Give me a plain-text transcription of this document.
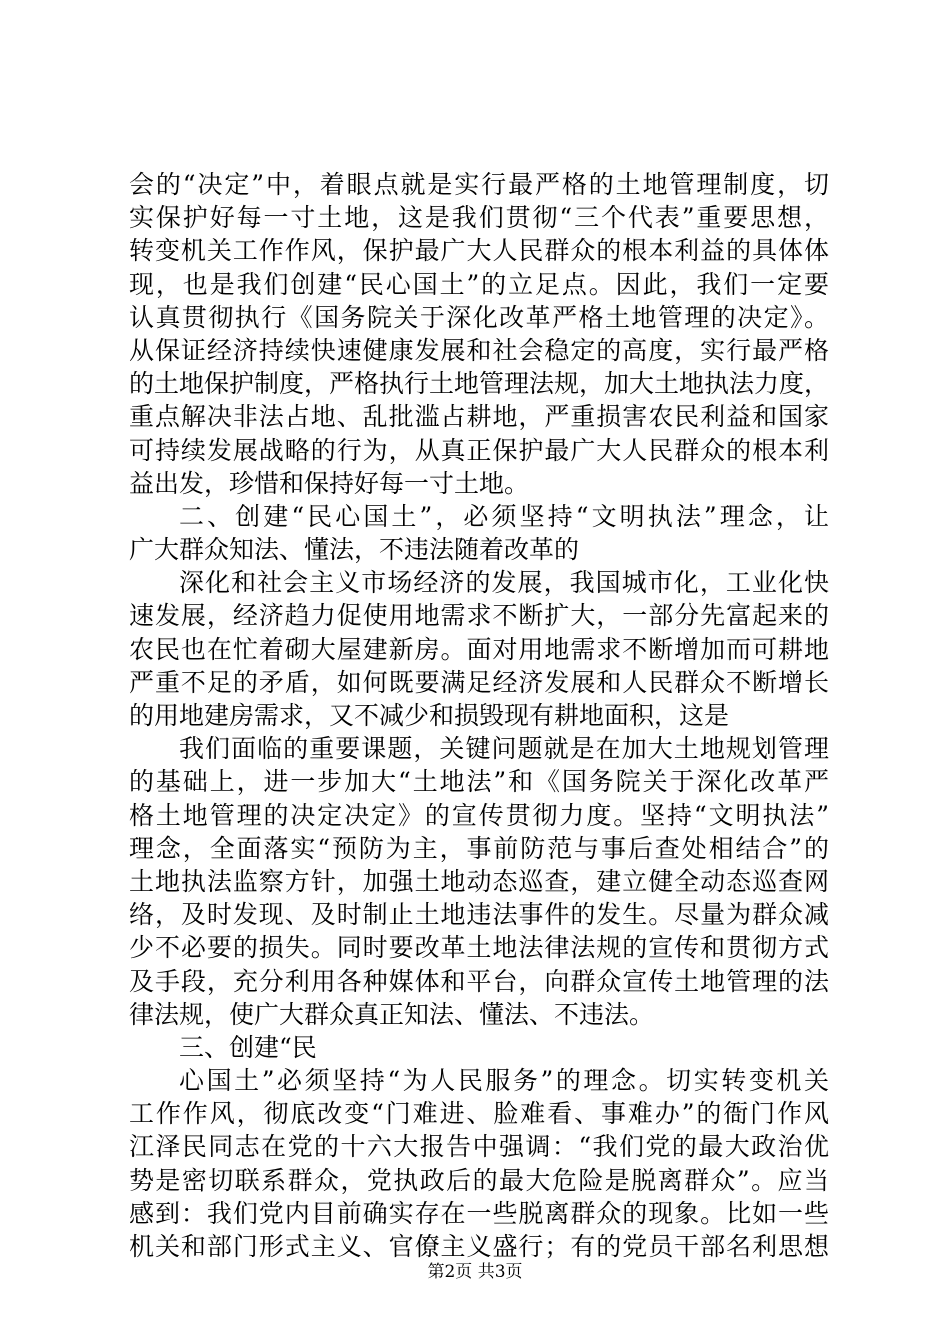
会的“决定”中，着眼点就是实行最严格的土地管理制度，切
实保护好每一寸土地，这是我们贯彻“三个代表”重要思想，
转变机关工作作风，保护最广大人民群众的根本利益的具体体
现，也是我们创建“民心国土”的立足点。因此，我们一定要
认真贯彻执行《国务院关于深化改革严格土地管理的决定》。
从保证经济持续快速健康发展和社会稳定的高度，实行最严格
的土地保护制度，严格执行土地管理法规，加大土地执法力度，
重点解决非法占地、乱批滥占耕地，严重损害农民利益和国家
可持续发展战略的行为，从真正保护最广大人民群众的根本利
益出发，珍惜和保持好每一寸土地。
二、创建“民心国土”，必须坚持“文明执法”理念，让
广大群众知法、懂法，不违法随着改革的
深化和社会主义市场经济的发展，我国城市化，工业化快
速发展，经济趋力促使用地需求不断扩大，一部分先富起来的
农民也在忙着砌大屋建新房。面对用地需求不断增加而可耕地
严重不足的矛盾，如何既要满足经济发展和人民群众不断增长
的用地建房需求，又不减少和损毁现有耕地面积，这是
我们面临的重要课题，关键问题就是在加大土地规划管理
的基础上，进一步加大“土地法”和《国务院关于深化改革严
格土地管理的决定决定》的宣传贯彻力度。坚持“文明执法”
理念，全面落实“预防为主，事前防范与事后查处相结合”的
土地执法监察方针，加强土地动态巡查，建立健全动态巡查网
络，及时发现、及时制止土地违法事件的发生。尽量为群众减
少不必要的损失。同时要改革土地法律法规的宣传和贯彻方式
及手段，充分利用各种媒体和平台，向群众宣传土地管理的法
律法规，使广大群众真正知法、懂法、不违法。
三、创建“民
心国土”必须坚持“为人民服务”的理念。切实转变机关
工作作风，彻底改变“门难进、脸难看、事难办”的衙门作风
江泽民同志在党的十六大报告中强调：“我们党的最大政治优
势是密切联系群众，党执政后的最大危险是脱离群众”。应当
感到：我们党内目前确实存在一些脱离群众的现象。比如一些
机关和部门形式主义、官僚主义盛行；有的党员干部名利思想
第2页 共3页
